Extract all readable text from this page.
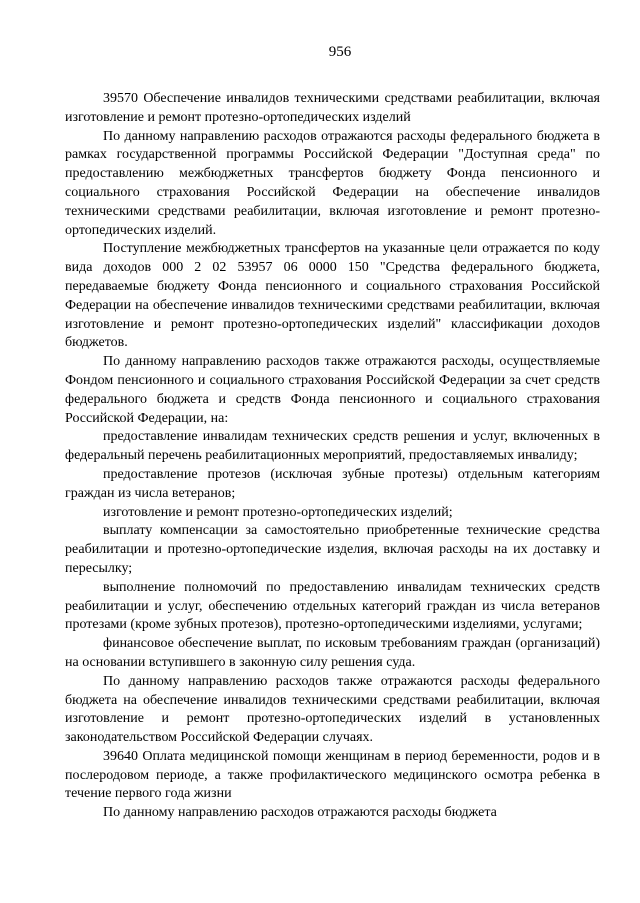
956

39570 Обеспечение инвалидов техническими средствами реабилитации, включая изготовление и ремонт протезно-ортопедических изделий

По данному направлению расходов отражаются расходы федерального бюджета в рамках государственной программы Российской Федерации "Доступная среда" по предоставлению межбюджетных трансфертов бюджету Фонда пенсионного и социального страхования Российской Федерации на обеспечение инвалидов техническими средствами реабилитации, включая изготовление и ремонт протезно-ортопедических изделий.

Поступление межбюджетных трансфертов на указанные цели отражается по коду вида доходов 000 2 02 53957 06 0000 150 "Средства федерального бюджета, передаваемые бюджету Фонда пенсионного и социального страхования Российской Федерации на обеспечение инвалидов техническими средствами реабилитации, включая изготовление и ремонт протезно-ортопедических изделий" классификации доходов бюджетов.

По данному направлению расходов также отражаются расходы, осуществляемые Фондом пенсионного и социального страхования Российской Федерации за счет средств федерального бюджета и средств Фонда пенсионного и социального страхования Российской Федерации, на:

предоставление инвалидам технических средств решения и услуг, включенных в федеральный перечень реабилитационных мероприятий, предоставляемых инвалиду;

предоставление протезов (исключая зубные протезы) отдельным категориям граждан из числа ветеранов;

изготовление и ремонт протезно-ортопедических изделий;

выплату компенсации за самостоятельно приобретенные технические средства реабилитации и протезно-ортопедические изделия, включая расходы на их доставку и пересылку;

выполнение полномочий по предоставлению инвалидам технических средств реабилитации и услуг, обеспечению отдельных категорий граждан из числа ветеранов протезами (кроме зубных протезов), протезно-ортопедическими изделиями, услугами;

финансовое обеспечение выплат, по исковым требованиям граждан (организаций) на основании вступившего в законную силу решения суда.

По данному направлению расходов также отражаются расходы федерального бюджета на обеспечение инвалидов техническими средствами реабилитации, включая изготовление и ремонт протезно-ортопедических изделий в установленных законодательством Российской Федерации случаях.

39640 Оплата медицинской помощи женщинам в период беременности, родов и в послеродовом периоде, а также профилактического медицинского осмотра ребенка в течение первого года жизни

По данному направлению расходов отражаются расходы бюджета
